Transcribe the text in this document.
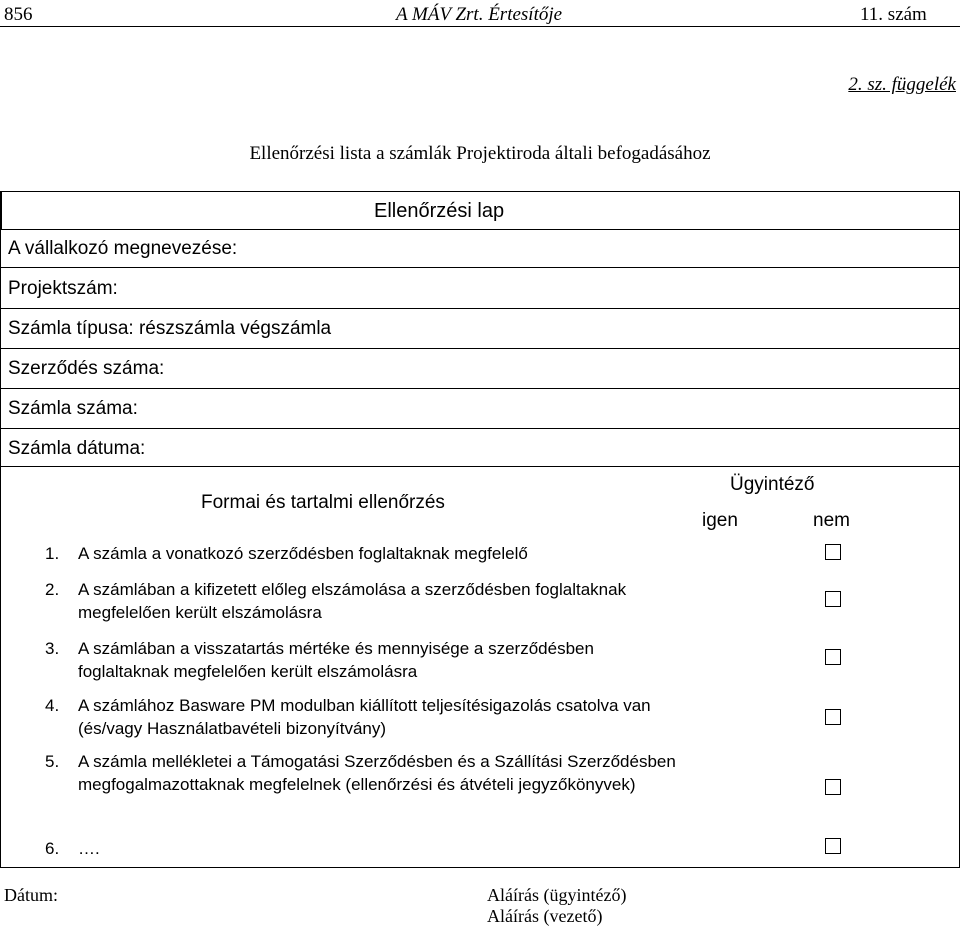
856	A MÁV Zrt. Értesítője	11. szám
2. sz. függelék
Ellenőrzési lista a számlák Projektiroda általi befogadásához
Ellenőrzési lap
A vállalkozó megnevezése:
Projektszám:
Számla típusa: részszámla végszámla
Szerződés száma:
Számla száma:
Számla dátuma:
Formai és tartalmi ellenőrzés
Ügyintéző
igen	nem
1. A számla a vonatkozó szerződésben foglaltaknak megfelelő
2. A számlában a kifizetett előleg elszámolása a szerződésben foglaltaknak megfelelően került elszámolásra
3. A számlában a visszatartás mértéke és mennyisége a szerződésben foglaltaknak megfelelően került elszámolásra
4. A számlához Basware PM modulban kiállított teljesítésigazolás csatolva van (és/vagy Használatbavételi bizonyítvány)
5. A számla mellékletei a Támogatási Szerződésben és a Szállítási Szerződésben megfogalmazottaknak megfelelnek (ellenőrzési és átvételi jegyzőkönyvek)
6. ….
Dátum:	Aláírás (ügyintéző)
Aláírás (vezető)
